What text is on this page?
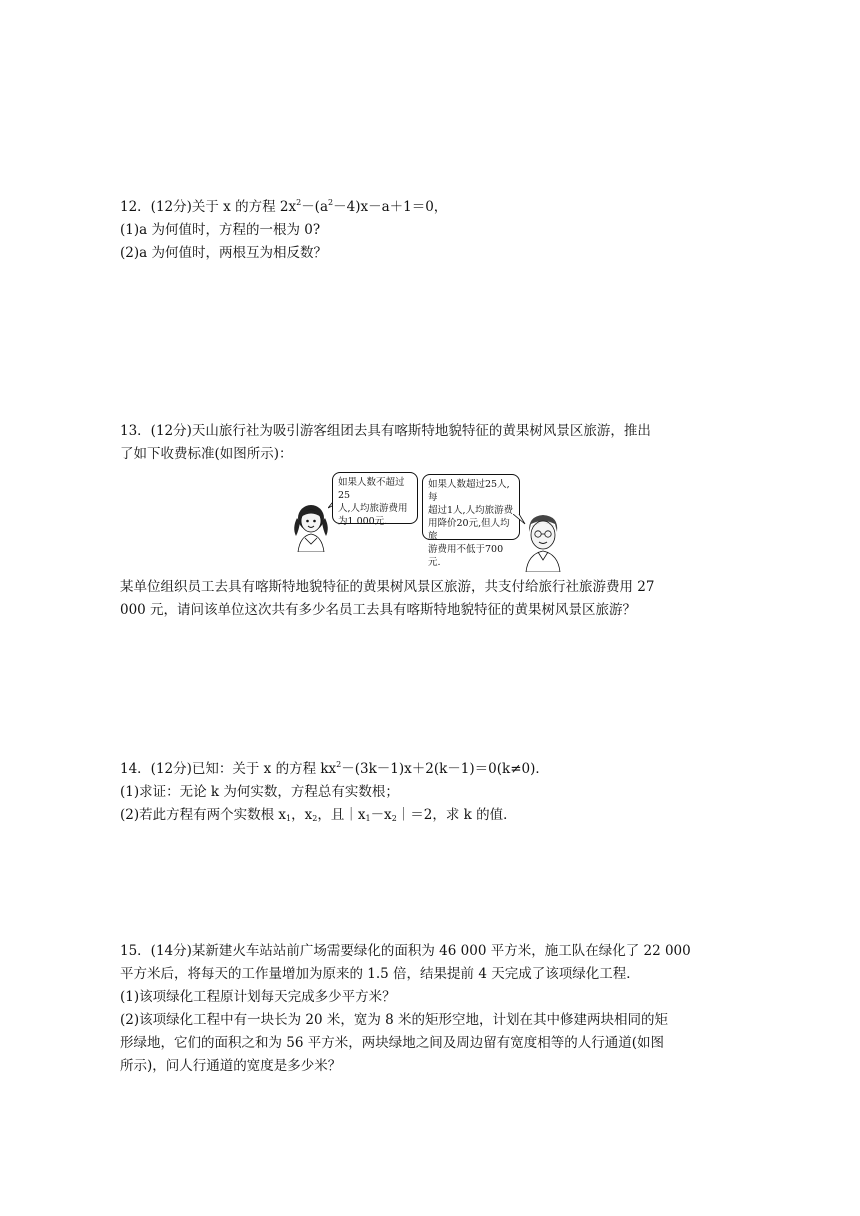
12．(12分)关于 x 的方程 $2x^2-(a^2-4)x-a+1=0$，

(1)a 为何值时，方程的一根为 0?

(2)a 为何值时，两根互为相反数？

13．(12分)天山旅行社为吸引游客组团去具有喀斯特地貌特征的黄果树风景区旅游，推出

了如下收费标准(如图所示)：

如果人数不超过25
人,人均旅游费用
为1 000元.
如果人数超过25人,每
超过1人,人均旅游费
用降价20元,但人均旅
游费用不低于700元.

某单位组织员工去具有喀斯特地貌特征的黄果树风景区旅游，共支付给旅行社旅游费用 27

000 元，请问该单位这次共有多少名员工去具有喀斯特地貌特征的黄果树风景区旅游？

14．(12分)已知：关于 x 的方程 $kx^2-(3k-1)x+2(k-1)=0(k\ne 0)$．

(1)求证：无论 k 为何实数，方程总有实数根；

(2)若此方程有两个实数根 $x_1$，$x_2$，且$|x_1-x_2|=2$，求 k 的值．

15．(14分)某新建火车站站前广场需要绿化的面积为 46 000 平方米，施工队在绿化了 22 000

平方米后，将每天的工作量增加为原来的 1.5 倍，结果提前 4 天完成了该项绿化工程．

(1)该项绿化工程原计划每天完成多少平方米？

(2)该项绿化工程中有一块长为 20 米，宽为 8 米的矩形空地，计划在其中修建两块相同的矩

形绿地，它们的面积之和为 56 平方米，两块绿地之间及周边留有宽度相等的人行通道(如图

所示)，问人行通道的宽度是多少米？
